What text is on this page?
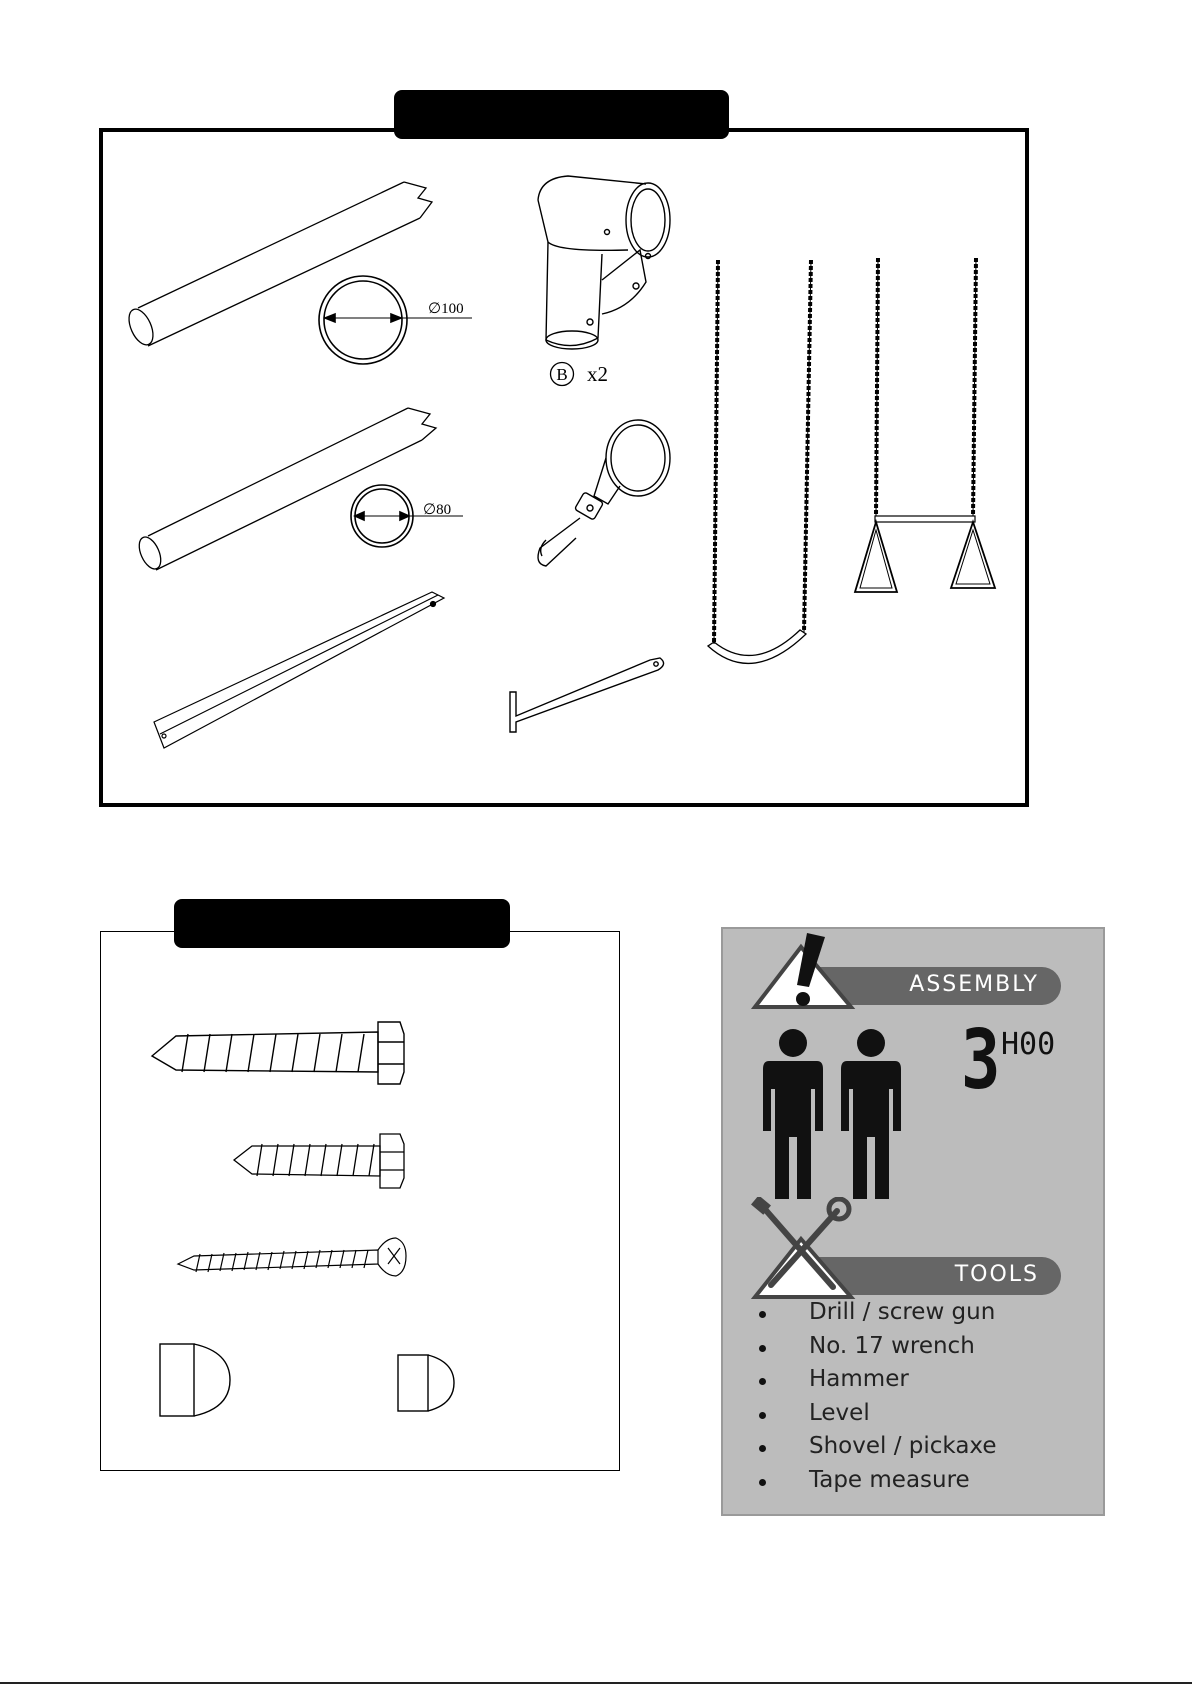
∅100
∅80
B x2
ASSEMBLY
3 H00
TOOLS
Drill / screw gun
No. 17 wrench
Hammer
Level
Shovel / pickaxe
Tape measure
